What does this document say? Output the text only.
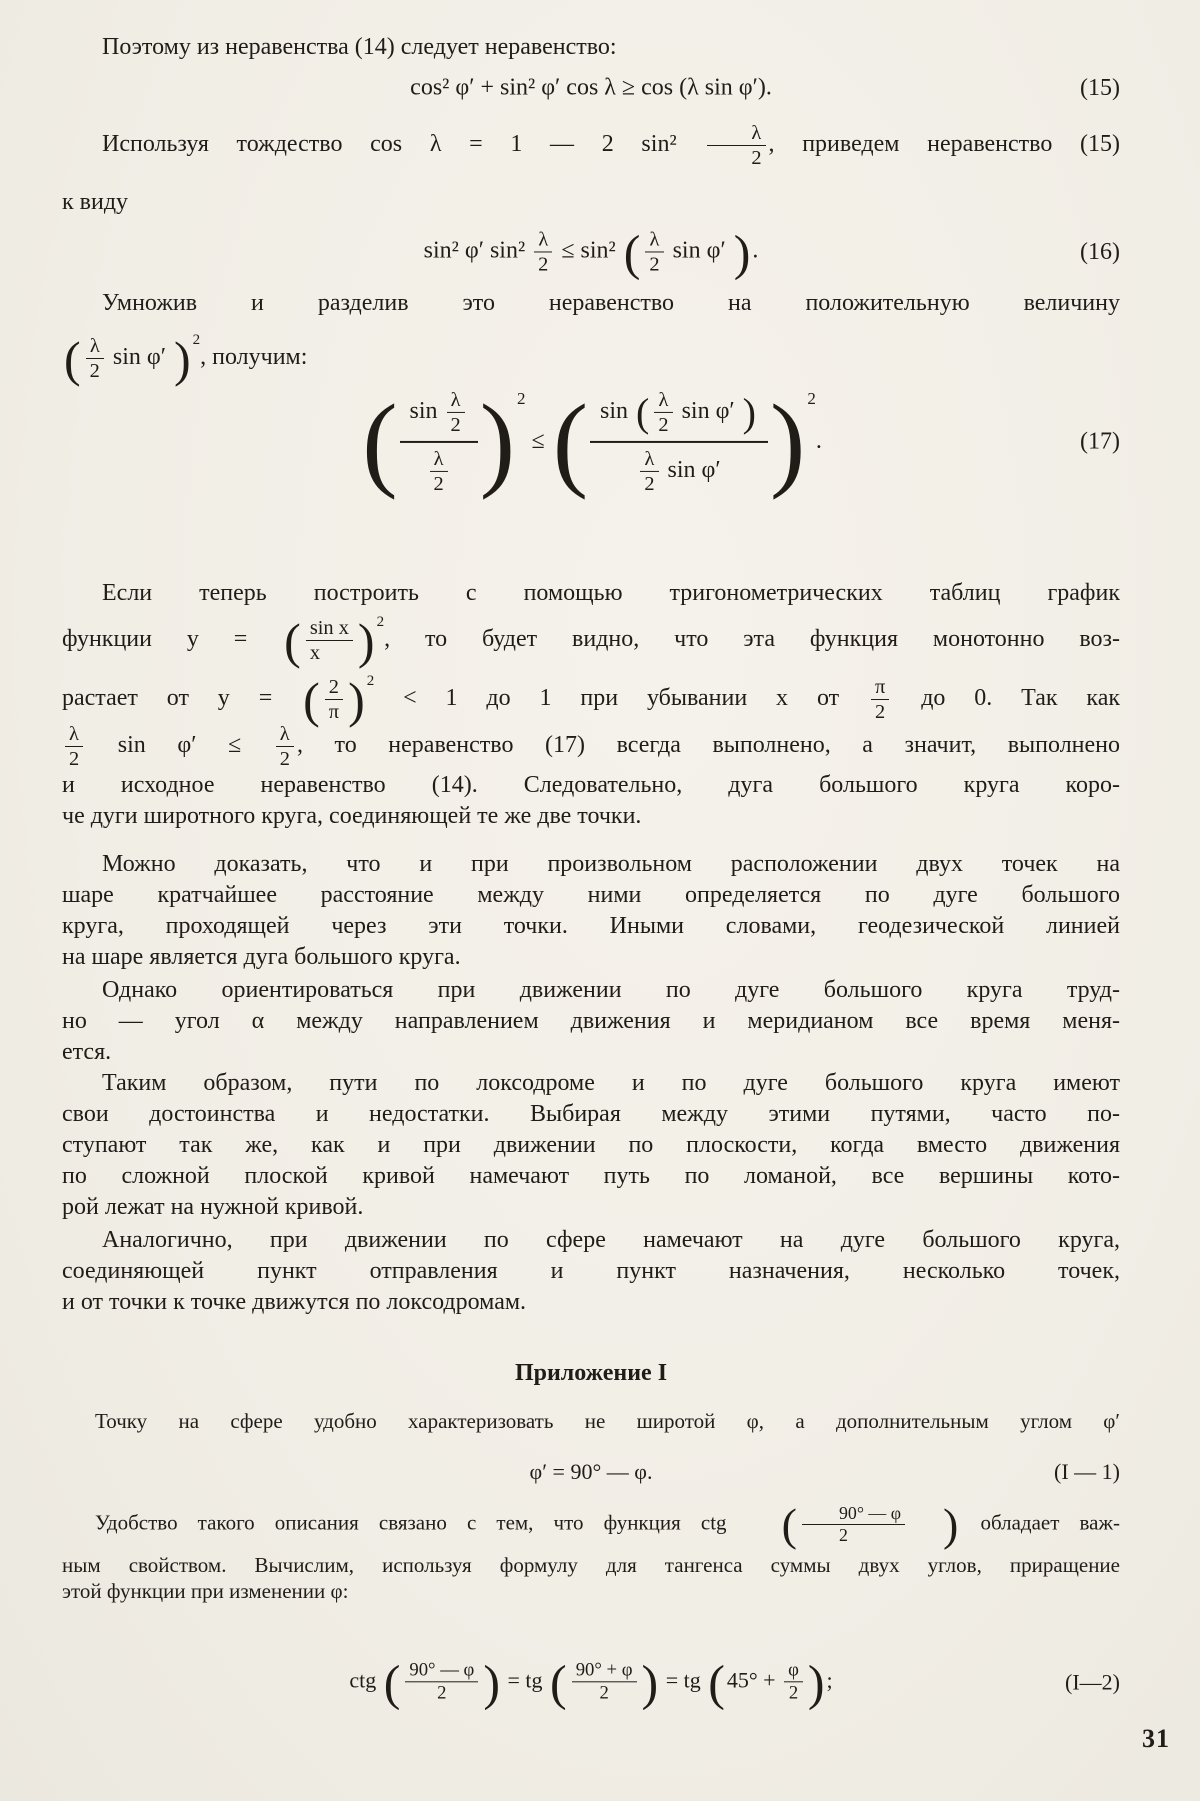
Поэтому из неравенства (14) следует неравенство:
cos² φ′ + sin² φ′ cos λ ≥ cos (λ sin φ′).	(15)
Используя тождество cos λ = 1 — 2 $\sin^2 \frac{\lambda}{2}$ , приведем неравенство (15)
к виду
sin² φ′ $\sin^2 \frac{\lambda}{2} \le \sin^2$ ( $\frac{\lambda}{2}$ sin φ′ ).	(16)
Умножив и разделив это неравенство на положительную величину
( $\frac{\lambda}{2}$ sin φ′ ) $^2$, получим:
( $\frac{\sin \frac{\lambda}{2}}{\frac{\lambda}{2}}$ ) $^2$ ≤ ( $\frac{\sin ( \frac{\lambda}{2} \sin \varphi' )}{\frac{\lambda}{2} \sin \varphi'}$ ) $^2$.	(17)
Если теперь построить с помощью тригонометрических таблиц график
функции y = ( $\frac{\text{sin x}}{x}$ ) $^2$, то будет видно, что эта функция монотонно воз-
растает от y = ( $\frac{2}{\pi}$ ) $^2$ < 1 до 1 при убывании x от $\frac{\pi}{2}$ до 0. Так как
$\frac{\lambda}{2}$ $\sin \varphi' \le \frac{\lambda}{2}$ , то неравенство (17) всегда выполнено, а значит, выполнено
и исходное неравенство (14). Следовательно, дуга большого круга коро-
че дуги широтного круга, соединяющей те же две точки.
Можно доказать, что и при произвольном расположении двух точек на
шаре кратчайшее расстояние между ними определяется по дуге большого
круга, проходящей через эти точки. Иными словами, геодезической линией
на шаре является дуга большого круга.
Однако ориентироваться при движении по дуге большого круга труд-
но — угол α между направлением движения и меридианом все время меня-
ется.
Таким образом, пути по локсодроме и по дуге большого круга имеют
свои достоинства и недостатки. Выбирая между этими путями, часто по-
ступают так же, как и при движении по плоскости, когда вместо движения
по сложной плоской кривой намечают путь по ломаной, все вершины кото-
рой лежат на нужной кривой.
Аналогично, при движении по сфере намечают на дуге большого круга,
соединяющей пункт отправления и пункт назначения, несколько точек,
и от точки к точке движутся по локсодромам.
Приложение I
Точку на сфере удобно характеризовать не широтой φ, а дополнительным углом φ′
φ′ = 90° — φ.	(I — 1)
Удобство такого описания связано с тем, что функция ctg ( $\frac{90^\circ — \varphi}{2}$ ) обладает важ-
ным свойством. Вычислим, используя формулу для тангенса суммы двух углов, приращение
этой функции при изменении φ:
ctg ( $\frac{90^\circ — \varphi}{2}$ ) = tg ( $\frac{90^\circ + \varphi}{2}$ ) = tg ($45^\circ + \frac{\varphi}{2}$ );	(I—2)
31
